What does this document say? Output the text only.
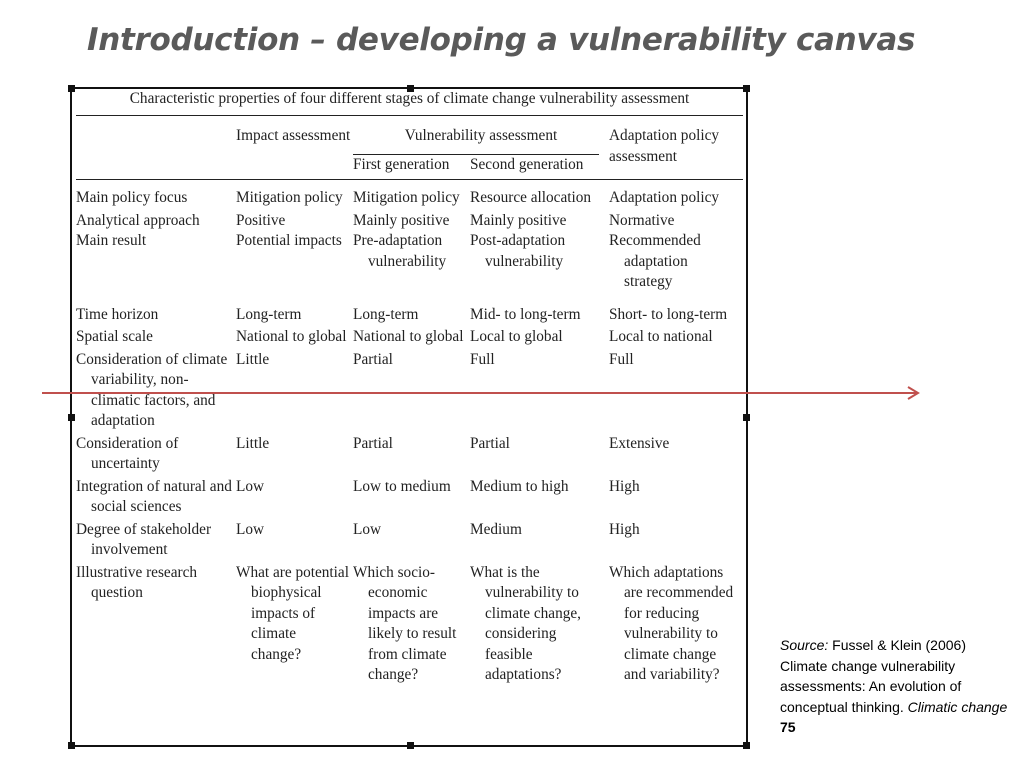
Introduction – developing a vulnerability canvas
Characteristic properties of four different stages of climate change vulnerability assessment				
	Impact assessment	Vulnerability assessment		Adaptation policy assessment
		First generation	Second generation	
Main policy focus	Mitigation policy	Mitigation policy	Resource allocation	Adaptation policy
Analytical approach	Positive	Mainly positive	Mainly positive	Normative
Main result	Potential impacts	Pre-adaptation vulnerability	Post-adaptation vulnerability	Recommended adaptation strategy
Time horizon	Long-term	Long-term	Mid- to long-term	Short- to long-term
Spatial scale	National to global	National to global	Local to global	Local to national
Consideration of climate variability, non-climatic factors, and adaptation	Little	Partial	Full	Full
Consideration of uncertainty	Little	Partial	Partial	Extensive
Integration of natural and social sciences	Low	Low to medium	Medium to high	High
Degree of stakeholder involvement	Low	Low	Medium	High
Illustrative research question	What are potential biophysical impacts of climate change?	Which socio-economic impacts are likely to result from climate change?	What is the vulnerability to climate change, considering feasible adaptations?	Which adaptations are recommended for reducing vulnerability to climate change and variability?
Source: Fussel & Klein (2006) Climate change vulnerability assessments: An evolution of conceptual thinking. Climatic change 75
